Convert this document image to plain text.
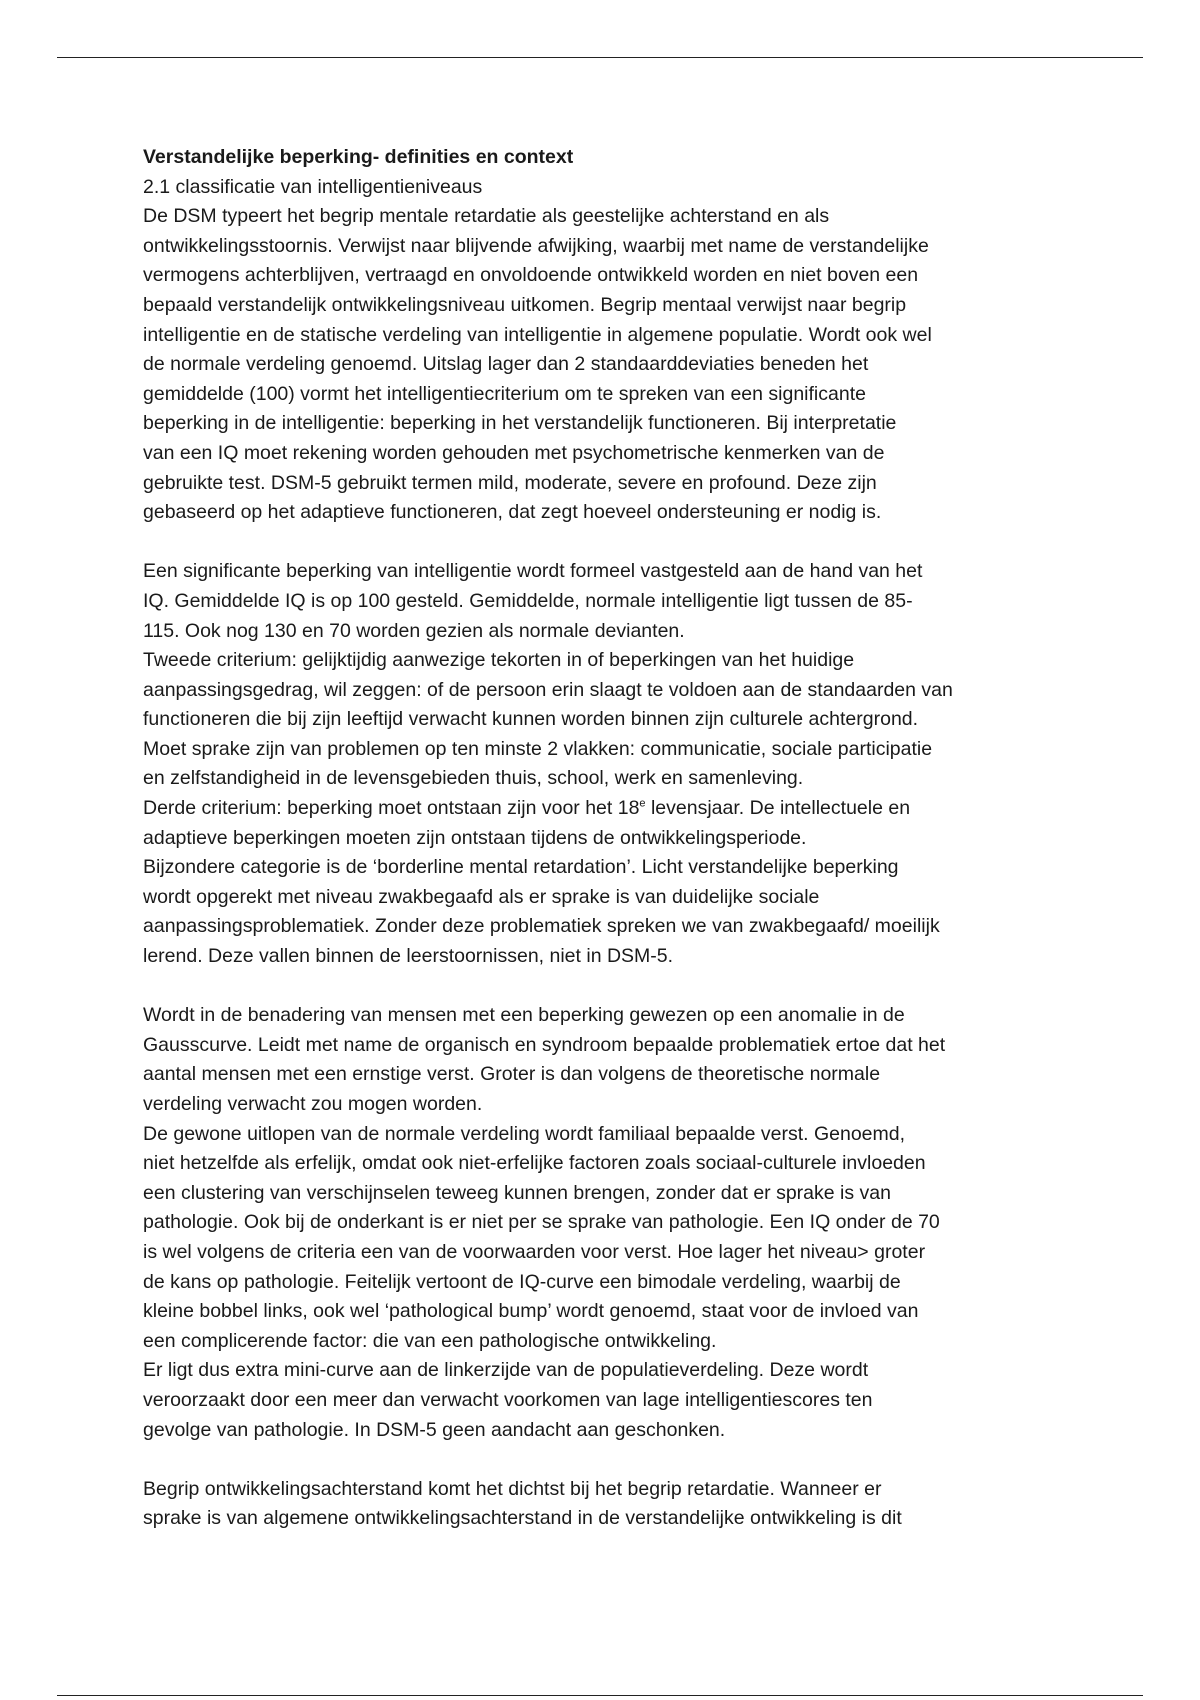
Verstandelijke beperking- definities en context

2.1 classificatie van intelligentieniveaus

De DSM typeert het begrip mentale retardatie als geestelijke achterstand en als
ontwikkelingsstoornis. Verwijst naar blijvende afwijking, waarbij met name de verstandelijke
vermogens achterblijven, vertraagd en onvoldoende ontwikkeld worden en niet boven een
bepaald verstandelijk ontwikkelingsniveau uitkomen. Begrip mentaal verwijst naar begrip
intelligentie en de statische verdeling van intelligentie in algemene populatie. Wordt ook wel
de normale verdeling genoemd. Uitslag lager dan 2 standaarddeviaties beneden het
gemiddelde (100) vormt het intelligentiecriterium om te spreken van een significante
beperking in de intelligentie: beperking in het verstandelijk functioneren. Bij interpretatie
van een IQ moet rekening worden gehouden met psychometrische kenmerken van de
gebruikte test. DSM-5 gebruikt termen mild, moderate, severe en profound. Deze zijn
gebaseerd op het adaptieve functioneren, dat zegt hoeveel ondersteuning er nodig is.

Een significante beperking van intelligentie wordt formeel vastgesteld aan de hand van het
IQ. Gemiddelde IQ is op 100 gesteld. Gemiddelde, normale intelligentie ligt tussen de 85-
115. Ook nog 130 en 70 worden gezien als normale devianten.

Tweede criterium: gelijktijdig aanwezige tekorten in of beperkingen van het huidige
aanpassingsgedrag, wil zeggen: of de persoon erin slaagt te voldoen aan de standaarden van
functioneren die bij zijn leeftijd verwacht kunnen worden binnen zijn culturele achtergrond.
Moet sprake zijn van problemen op ten minste 2 vlakken: communicatie, sociale participatie
en zelfstandigheid in de levensgebieden thuis, school, werk en samenleving.

Derde criterium: beperking moet ontstaan zijn voor het 18e levensjaar. De intellectuele en
adaptieve beperkingen moeten zijn ontstaan tijdens de ontwikkelingsperiode.

Bijzondere categorie is de ‘borderline mental retardation’. Licht verstandelijke beperking
wordt opgerekt met niveau zwakbegaafd als er sprake is van duidelijke sociale
aanpassingsproblematiek. Zonder deze problematiek spreken we van zwakbegaafd/ moeilijk
lerend. Deze vallen binnen de leerstoornissen, niet in DSM-5.

Wordt in de benadering van mensen met een beperking gewezen op een anomalie in de
Gausscurve. Leidt met name de organisch en syndroom bepaalde problematiek ertoe dat het
aantal mensen met een ernstige verst. Groter is dan volgens de theoretische normale
verdeling verwacht zou mogen worden.

De gewone uitlopen van de normale verdeling wordt familiaal bepaalde verst. Genoemd,
niet hetzelfde als erfelijk, omdat ook niet-erfelijke factoren zoals sociaal-culturele invloeden
een clustering van verschijnselen teweeg kunnen brengen, zonder dat er sprake is van
pathologie. Ook bij de onderkant is er niet per se sprake van pathologie. Een IQ onder de 70
is wel volgens de criteria een van de voorwaarden voor verst. Hoe lager het niveau> groter
de kans op pathologie. Feitelijk vertoont de IQ-curve een bimodale verdeling, waarbij de
kleine bobbel links, ook wel ‘pathological bump’ wordt genoemd, staat voor de invloed van
een complicerende factor: die van een pathologische ontwikkeling.

Er ligt dus extra mini-curve aan de linkerzijde van de populatieverdeling. Deze wordt
veroorzaakt door een meer dan verwacht voorkomen van lage intelligentiescores ten
gevolge van pathologie. In DSM-5 geen aandacht aan geschonken.

Begrip ontwikkelingsachterstand komt het dichtst bij het begrip retardatie. Wanneer er
sprake is van algemene ontwikkelingsachterstand in de verstandelijke ontwikkeling is dit
